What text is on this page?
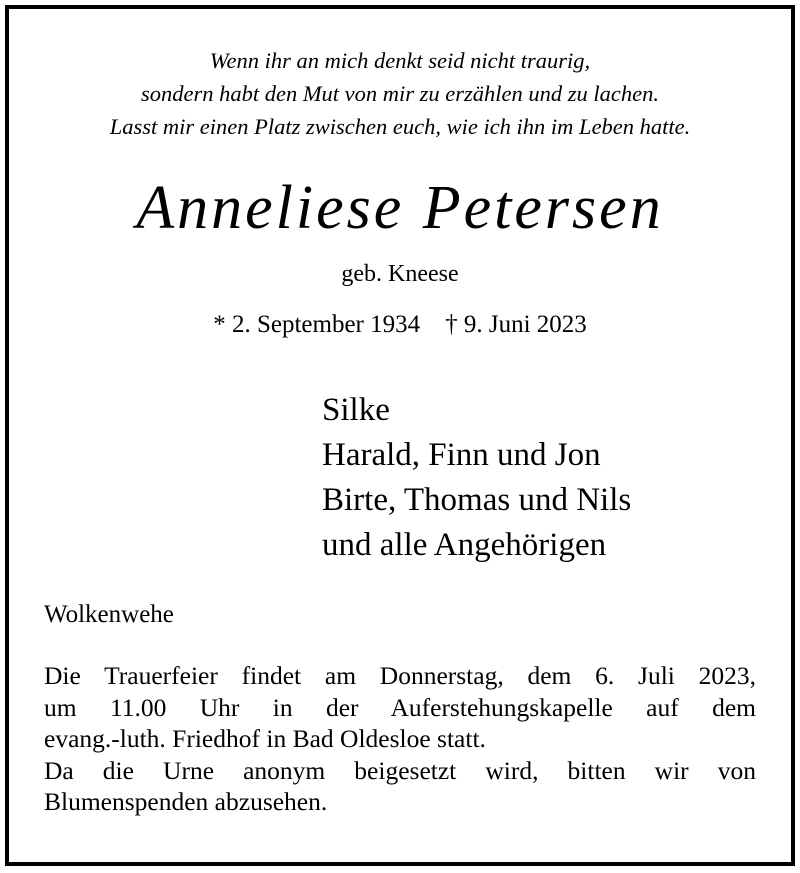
Wenn ihr an mich denkt seid nicht traurig,
sondern habt den Mut von mir zu erzählen und zu lachen.
Lasst mir einen Platz zwischen euch, wie ich ihn im Leben hatte.
Anneliese Petersen
geb. Kneese
* 2. September 1934    † 9. Juni 2023
Silke
Harald, Finn und Jon
Birte, Thomas und Nils
und alle Angehörigen
Wolkenwehe
Die Trauerfeier findet am Donnerstag, dem 6. Juli 2023,
um 11.00 Uhr in der Auferstehungskapelle auf dem
evang.-luth. Friedhof in Bad Oldesloe statt.
Da die Urne anonym beigesetzt wird, bitten wir von
Blumenspenden abzusehen.
